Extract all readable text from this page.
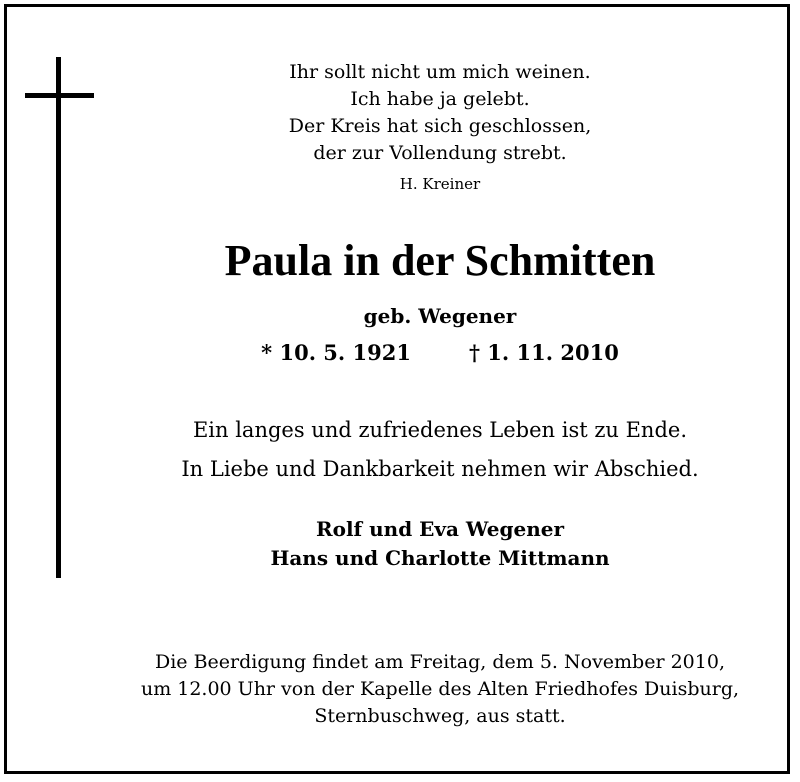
Ihr sollt nicht um mich weinen.
Ich habe ja gelebt.
Der Kreis hat sich geschlossen,
der zur Vollendung strebt.
H. Kreiner
Paula in der Schmitten
geb. Wegener
* 10. 5. 1921	† 1. 11. 2010
Ein langes und zufriedenes Leben ist zu Ende.
In Liebe und Dankbarkeit nehmen wir Abschied.
Rolf und Eva Wegener
Hans und Charlotte Mittmann
Die Beerdigung findet am Freitag, dem 5. November 2010,
um 12.00 Uhr von der Kapelle des Alten Friedhofes Duisburg,
Sternbuschweg, aus statt.
